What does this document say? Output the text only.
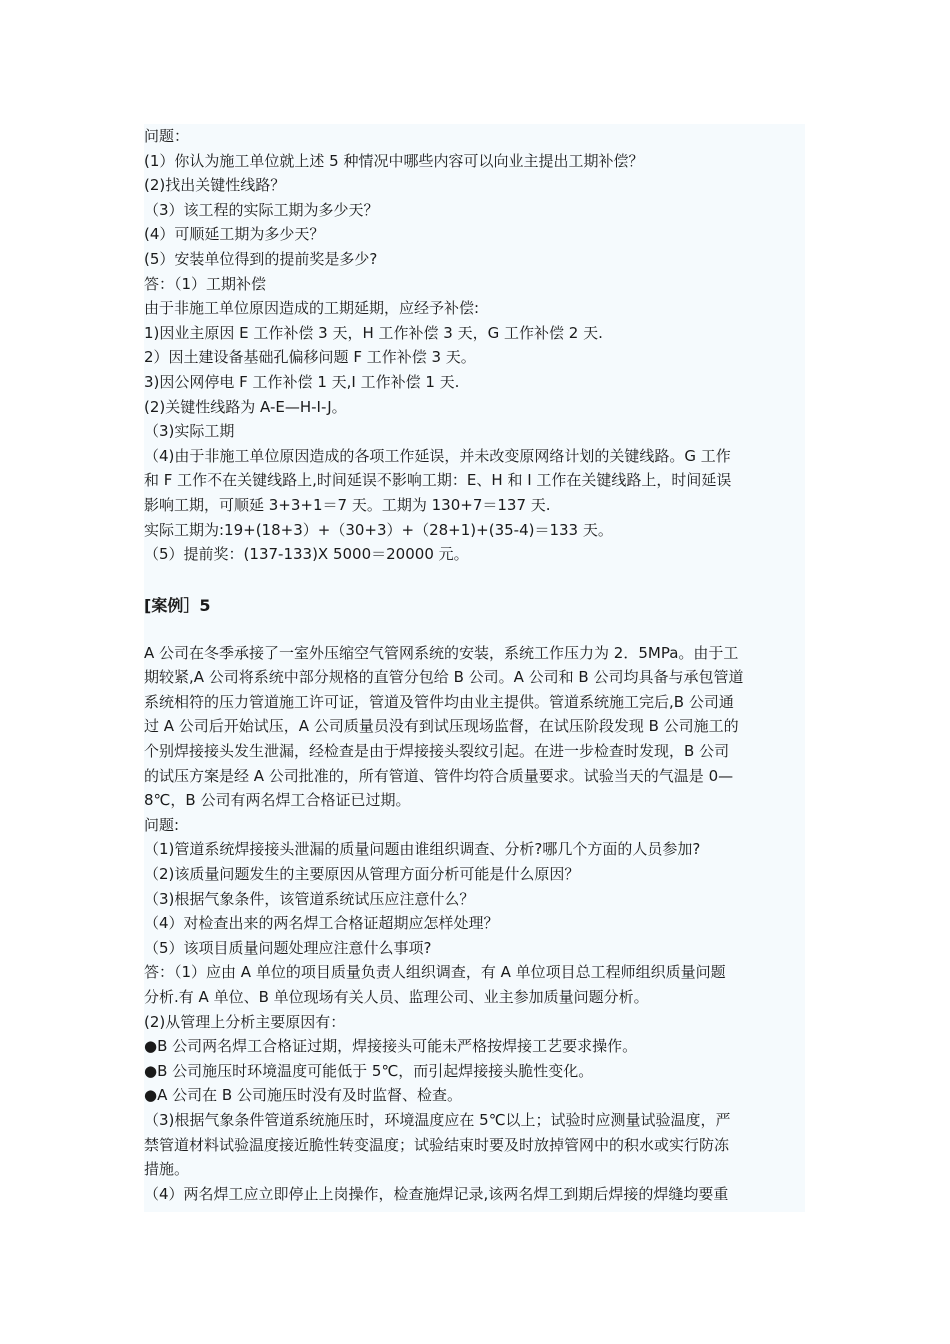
问题：
(1）你认为施工单位就上述 5 种情况中哪些内容可以向业主提出工期补偿？
(2)找出关键性线路？
（3）该工程的实际工期为多少天？
(4）可顺延工期为多少天？
(5）安装单位得到的提前奖是多少?
答：（1）工期补偿
由于非施工单位原因造成的工期延期，应经予补偿:
1)因业主原因 E 工作补偿 3 天，H 工作补偿 3 天，G 工作补偿 2 天.
2）因土建设备基础孔偏移问题 F 工作补偿 3 天。
3)因公网停电 F 工作补偿 1 天,I 工作补偿 1 天.
(2)关键性线路为 A-E—H-I-J。
（3)实际工期
（4)由于非施工单位原因造成的各项工作延误，并未改变原网络计划的关键线路。G 工作
和 F 工作不在关键线路上,时间延误不影响工期：E、H 和 I 工作在关键线路上，时间延误
影响工期，可顺延 3+3+1＝7 天。工期为 130+7＝137 天.
实际工期为:19+(18+3）+（30+3）+（28+1)+(35-4)＝133 天。
（5）提前奖：(137-133)X 5000＝20000 元。
[案例］5
A 公司在冬季承接了一室外压缩空气管网系统的安装，系统工作压力为 2．5MPa。由于工
期较紧,A 公司将系统中部分规格的直管分包给 B 公司。A 公司和 B 公司均具备与承包管道
系统相符的压力管道施工许可证，管道及管件均由业主提供。管道系统施工完后,B 公司通
过 A 公司后开始试压，A 公司质量员没有到试压现场监督，在试压阶段发现 B 公司施工的
个别焊接接头发生泄漏，经检查是由于焊接接头裂纹引起。在进一步检查时发现，B 公司
的试压方案是经 A 公司批准的，所有管道、管件均符合质量要求。试验当天的气温是 0—
8℃，B 公司有两名焊工合格证已过期。
问题:
（1)管道系统焊接接头泄漏的质量问题由谁组织调查、分析?哪几个方面的人员参加?
（2)该质量问题发生的主要原因从管理方面分析可能是什么原因？
（3)根据气象条件，该管道系统试压应注意什么？
（4）对检查出来的两名焊工合格证超期应怎样处理？
（5）该项目质量问题处理应注意什么事项?
答：（1）应由 A 单位的项目质量负责人组织调查，有 A 单位项目总工程师组织质量问题
分析.有 A 单位、B 单位现场有关人员、监理公司、业主参加质量问题分析。
(2)从管理上分析主要原因有：
●B 公司两名焊工合格证过期，焊接接头可能未严格按焊接工艺要求操作。
●B 公司施压时环境温度可能低于 5℃，而引起焊接接头脆性变化。
●A 公司在 B 公司施压时没有及时监督、检查。
（3)根据气象条件管道系统施压时，环境温度应在 5℃以上；试验时应测量试验温度，严
禁管道材料试验温度接近脆性转变温度；试验结束时要及时放掉管网中的积水或实行防冻
措施。
（4）两名焊工应立即停止上岗操作，检查施焊记录,该两名焊工到期后焊接的焊缝均要重
